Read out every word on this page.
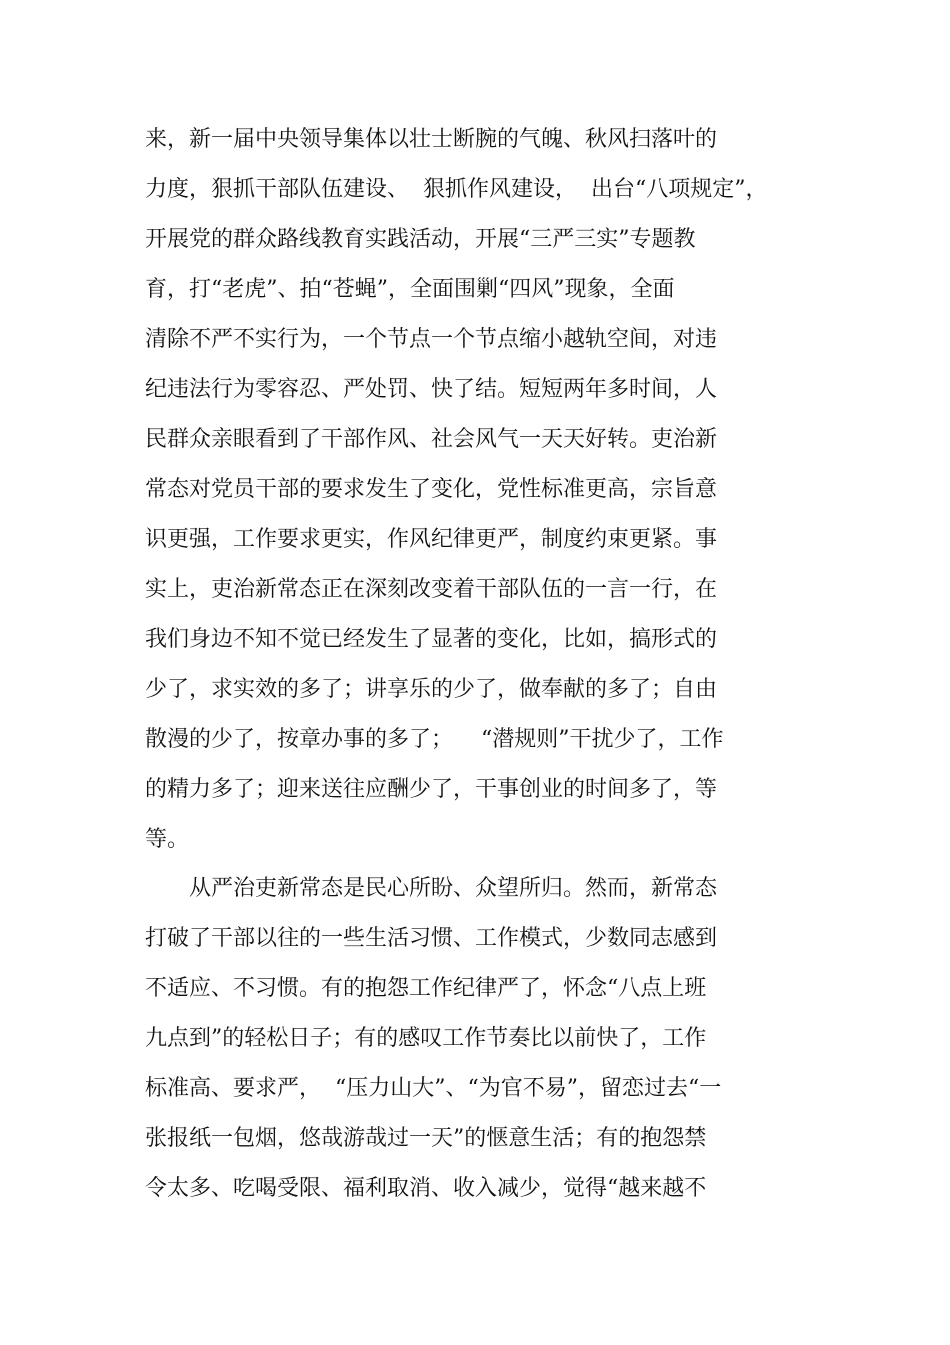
来，新一届中央领导集体以壮士断腕的气魄、秋风扫落叶的
力度，狠抓干部队伍建设、  狠抓作风建设，  出台“八项规定”，
开展党的群众路线教育实践活动，开展“三严三实”专题教
育，打“老虎”、拍“苍蝇”，全面围剿“四风”现象，全面
清除不严不实行为，一个节点一个节点缩小越轨空间，对违
纪违法行为零容忍、严处罚、快了结。短短两年多时间，人
民群众亲眼看到了干部作风、社会风气一天天好转。吏治新
常态对党员干部的要求发生了变化，党性标准更高，宗旨意
识更强，工作要求更实，作风纪律更严，制度约束更紧。事
实上，吏治新常态正在深刻改变着干部队伍的一言一行，在
我们身边不知不觉已经发生了显著的变化，比如，搞形式的
少了，求实效的多了；讲享乐的少了，做奉献的多了；自由
散漫的少了，按章办事的多了；    “潜规则”干扰少了，工作
的精力多了；迎来送往应酬少了，干事创业的时间多了，等
等。
　　从严治吏新常态是民心所盼、众望所归。然而，新常态
打破了干部以往的一些生活习惯、工作模式，少数同志感到
不适应、不习惯。有的抱怨工作纪律严了，怀念“八点上班
九点到”的轻松日子；有的感叹工作节奏比以前快了，工作
标准高、要求严，  “压力山大”、“为官不易”，留恋过去“一
张报纸一包烟，悠哉游哉过一天”的惬意生活；有的抱怨禁
令太多、吃喝受限、福利取消、收入减少，觉得“越来越不
